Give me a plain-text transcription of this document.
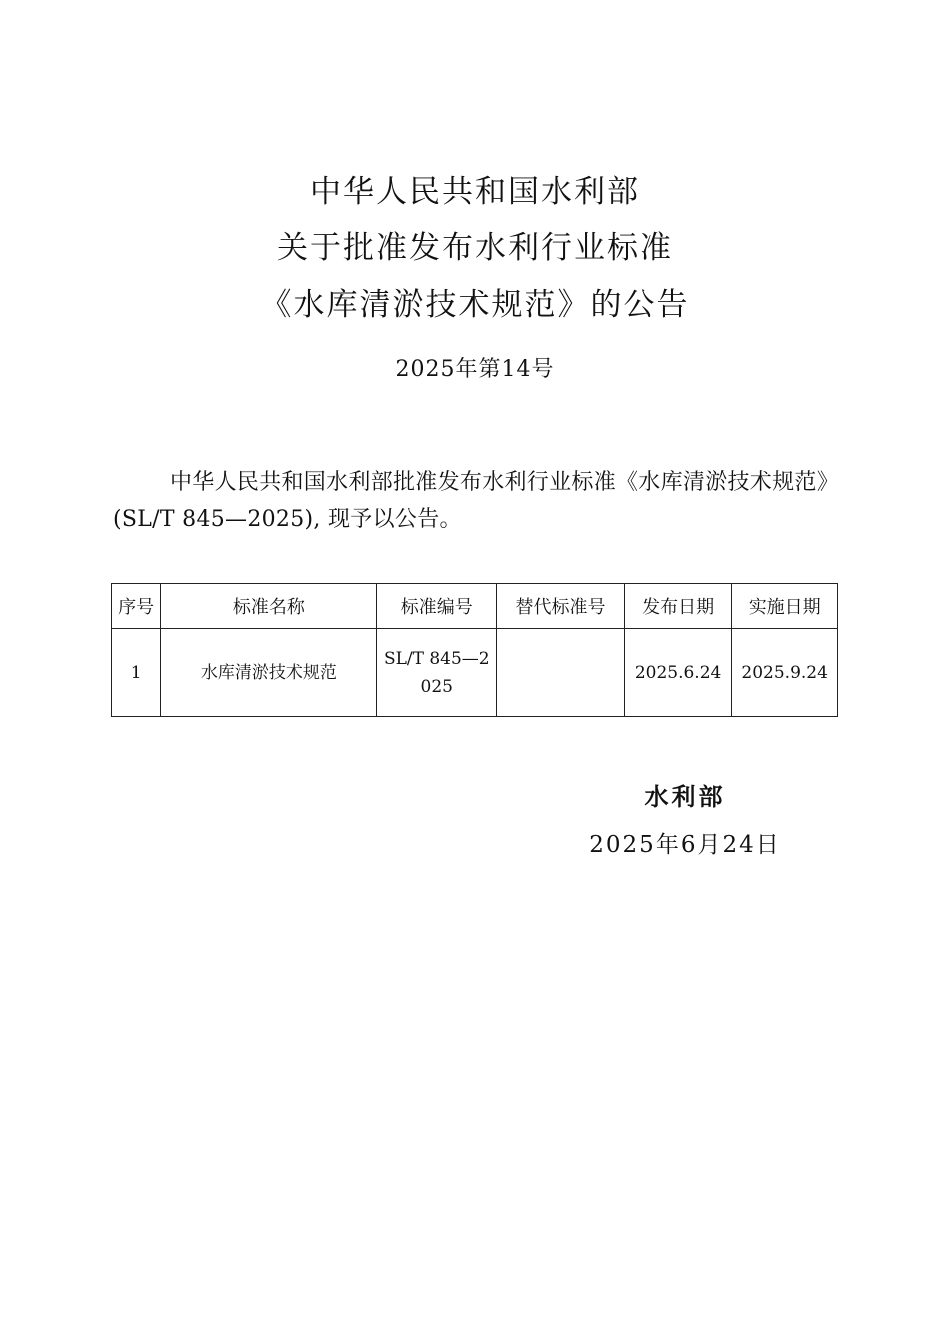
中华人民共和国水利部
关于批准发布水利行业标准
《水库清淤技术规范》的公告
2025年第14号

中华人民共和国水利部批准发布水利行业标准《水库清淤技术规范》(SL/T 845—2025), 现予以公告。

序号	标准名称	标准编号	替代标准号	发布日期	实施日期
1	水库清淤技术规范	SL/T 845—2025		2025.6.24	2025.9.24
水利部
2025年6月24日
